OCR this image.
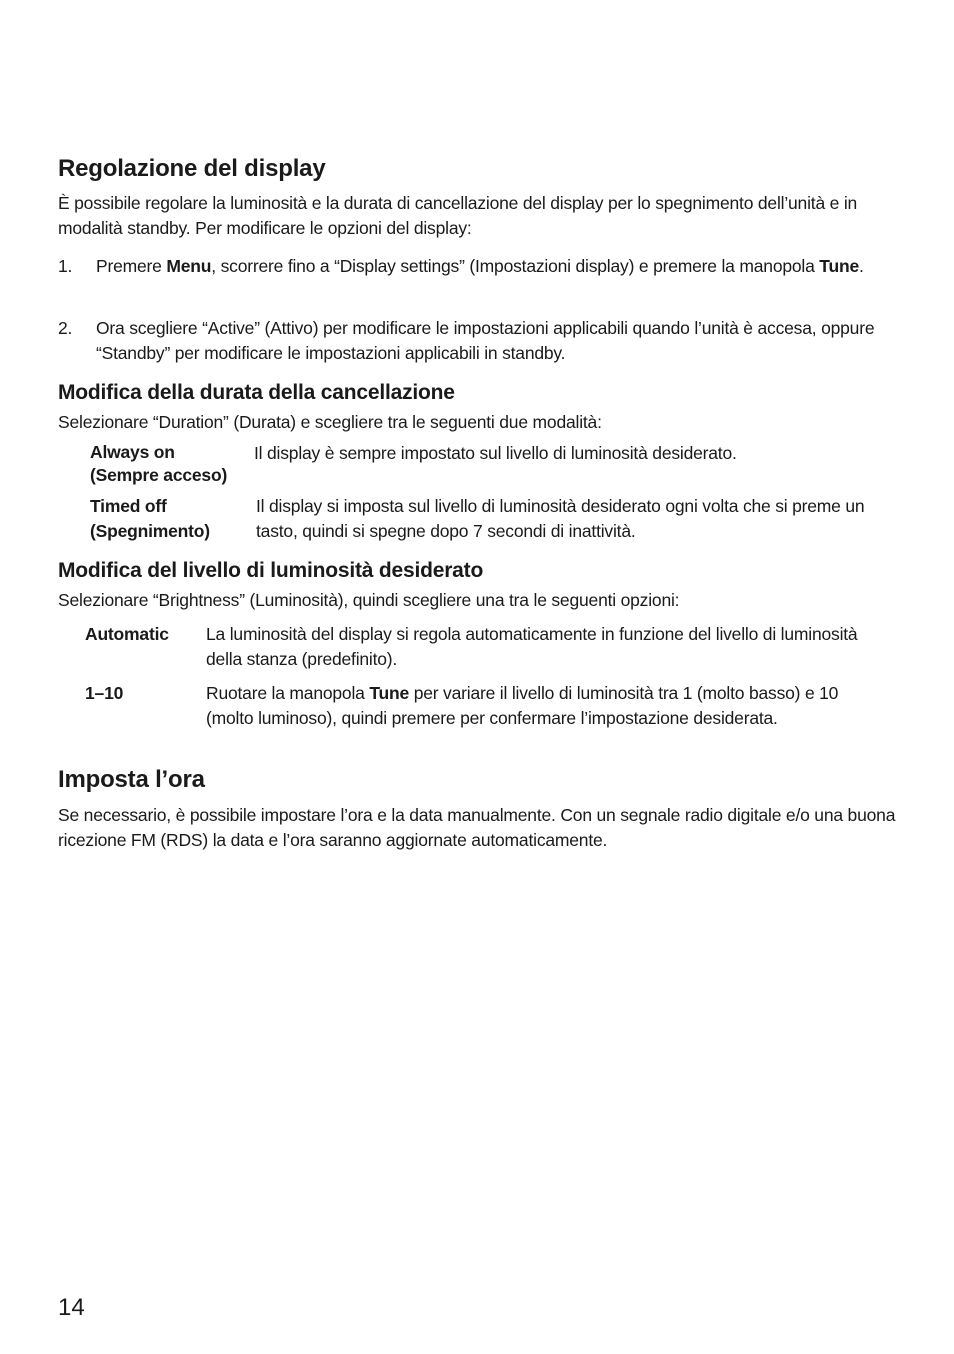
Regolazione del display
È possibile regolare la luminosità e la durata di cancellazione del display per lo spegnimento dell’unità e in modalità standby. Per modificare le opzioni del display:
1. Premere Menu, scorrere fino a “Display settings” (Impostazioni display) e premere la manopola Tune.
2. Ora scegliere “Active” (Attivo) per modificare le impostazioni applicabili quando l’unità è accesa, oppure “Standby” per modificare le impostazioni applicabili in standby.
Modifica della durata della cancellazione
Selezionare “Duration” (Durata) e scegliere tra le seguenti due modalità:
Always on
(Sempre acceso)
Il display è sempre impostato sul livello di luminosità desiderato.
Timed off
(Spegnimento)
Il display si imposta sul livello di luminosità desiderato ogni volta che si preme un tasto, quindi si spegne dopo 7 secondi di inattività.
Modifica del livello di luminosità desiderato
Selezionare “Brightness” (Luminosità), quindi scegliere una tra le seguenti opzioni:
Automatic La luminosità del display si regola automaticamente in funzione del livello di luminosità della stanza (predefinito).
1–10	Ruotare la manopola Tune per variare il livello di luminosità tra 1 (molto basso) e 10 (molto luminoso), quindi premere per confermare l’impostazione desiderata.
Imposta l’ora
Se necessario, è possibile impostare l’ora e la data manualmente. Con un segnale radio digitale e/o una buona ricezione FM (RDS) la data e l’ora saranno aggiornate automaticamente.
14
